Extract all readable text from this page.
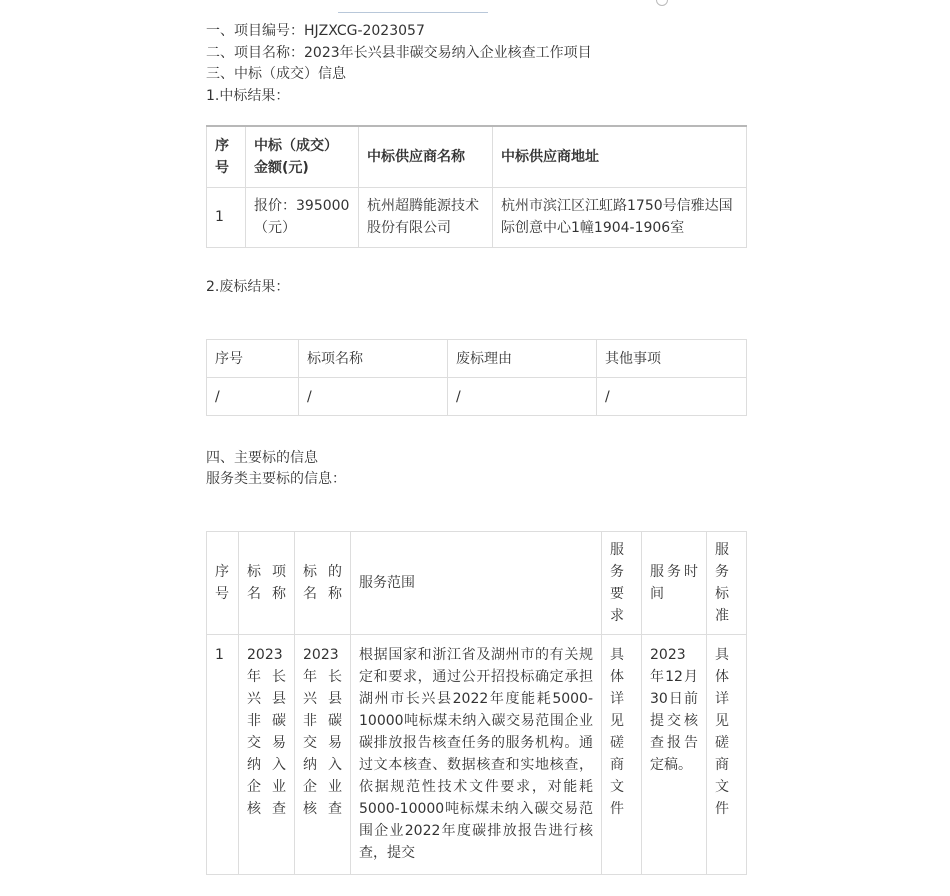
一、项目编号：HJZXCG-2023057
二、项目名称：2023年长兴县非碳交易纳入企业核查工作项目
三、中标（成交）信息
1.中标结果：
序号	中标（成交）金额(元)	中标供应商名称	中标供应商地址
1	报价：395000（元）	杭州超腾能源技术股份有限公司	杭州市滨江区江虹路1750号信雅达国际创意中心1幢1904-1906室
2.废标结果：
序号	标项名称	废标理由	其他事项
/	/	/	/
四、主要标的信息
服务类主要标的信息：
序号	标项名称	标的名称	服务范围	服务要求	服务时间	服务标准
1	2023年长兴县非碳交易纳入企业核查	2023年长兴县非碳交易纳入企业核查	根据国家和浙江省及湖州市的有关规定和要求，通过公开招投标确定承担湖州市长兴县2022年度能耗5000-10000吨标煤未纳入碳交易范围企业碳排放报告核查任务的服务机构。通过文本核查、数据核查和实地核查，依据规范性技术文件要求，对能耗5000-10000吨标煤未纳入碳交易范围企业2022年度碳排放报告进行核查，提交	具体详见磋商文件	2023年12月30日前提交核查报告定稿。	具体详见磋商文件
